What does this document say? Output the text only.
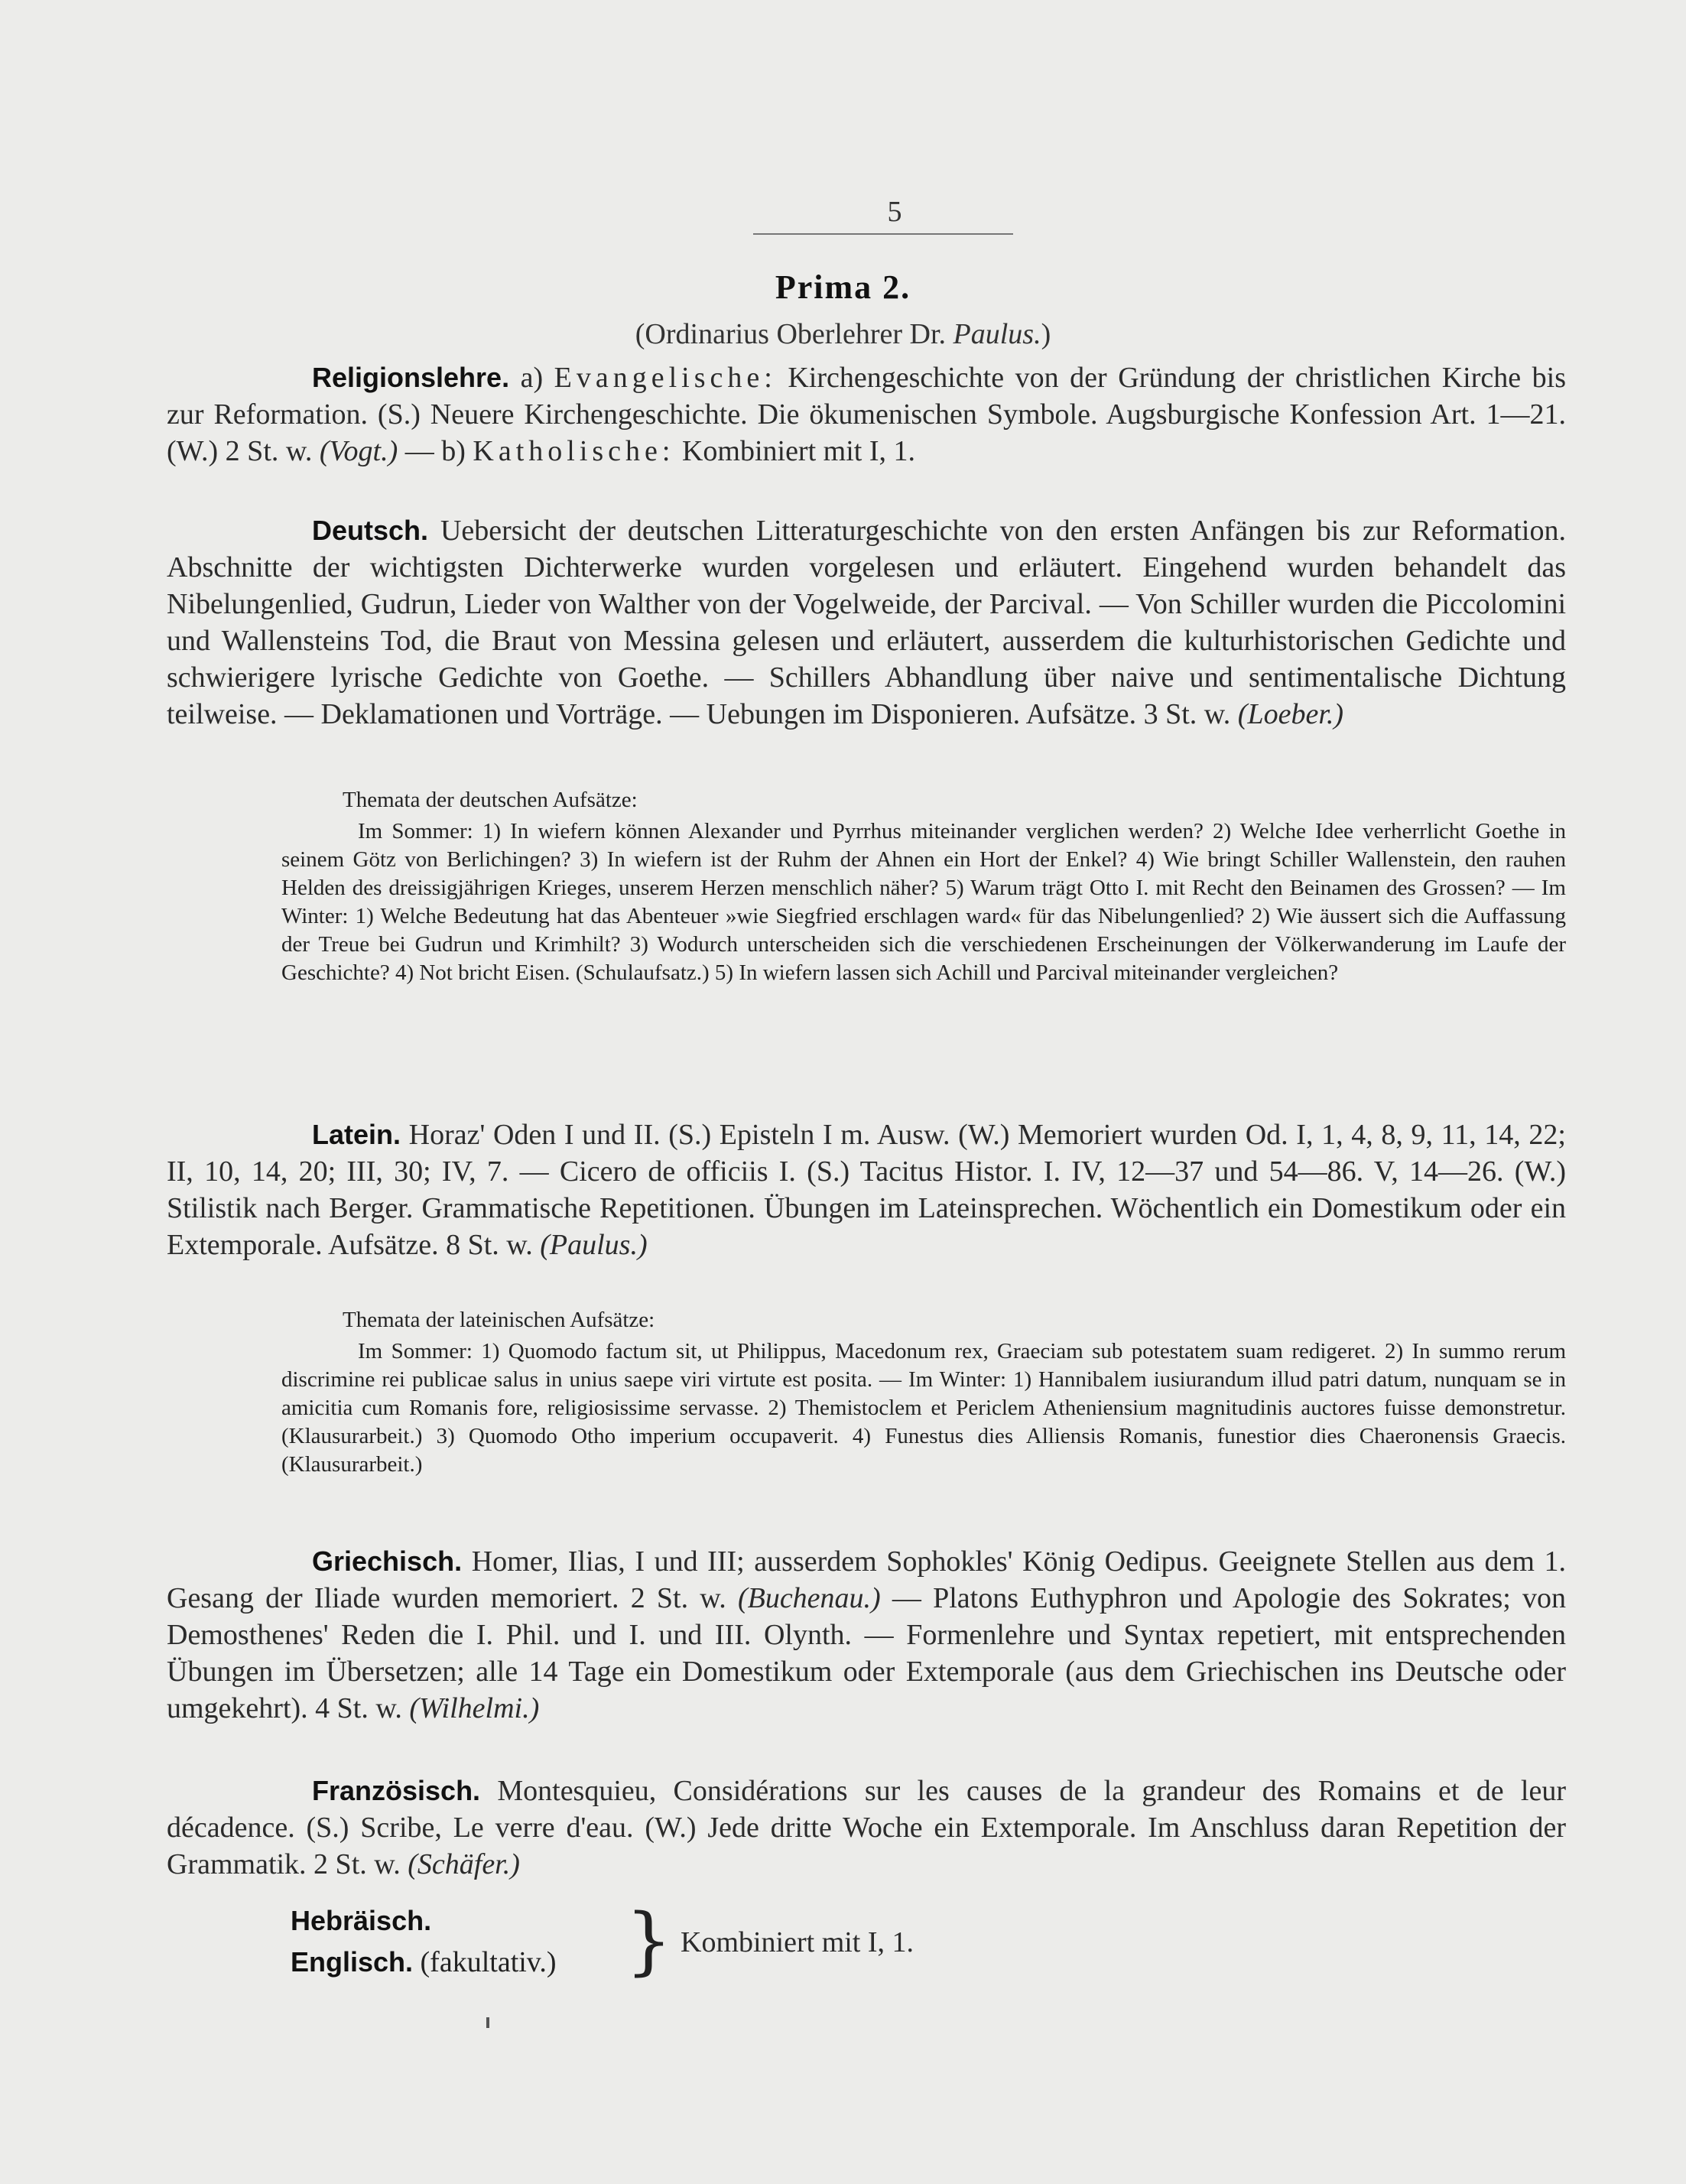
5
Prima 2.
(Ordinarius Oberlehrer Dr. Paulus.)
Religionslehre. a) Evangelische: Kirchengeschichte von der Gründung der christlichen Kirche bis zur Reformation. (S.) Neuere Kirchengeschichte. Die ökumenischen Symbole. Augsburgische Konfession Art. 1—21. (W.) 2 St. w. (Vogt.) — b) Katholische: Kombiniert mit I, 1.
Deutsch. Uebersicht der deutschen Litteraturgeschichte von den ersten Anfängen bis zur Reformation. Abschnitte der wichtigsten Dichterwerke wurden vorgelesen und erläutert. Eingehend wurden behandelt das Nibelungenlied, Gudrun, Lieder von Walther von der Vogelweide, der Parcival. — Von Schiller wurden die Piccolomini und Wallensteins Tod, die Braut von Messina gelesen und erläutert, ausserdem die kulturhistorischen Gedichte und schwierigere lyrische Gedichte von Goethe. — Schillers Abhandlung über naive und sentimentalische Dichtung teilweise. — Deklamationen und Vorträge. — Uebungen im Disponieren. Aufsätze. 3 St. w. (Loeber.)
Themata der deutschen Aufsätze:
Im Sommer: 1) In wiefern können Alexander und Pyrrhus miteinander verglichen werden? 2) Welche Idee verherrlicht Goethe in seinem Götz von Berlichingen? 3) In wiefern ist der Ruhm der Ahnen ein Hort der Enkel? 4) Wie bringt Schiller Wallenstein, den rauhen Helden des dreissigjährigen Krieges, unserem Herzen menschlich näher? 5) Warum trägt Otto I. mit Recht den Beinamen des Grossen? — Im Winter: 1) Welche Bedeutung hat das Abenteuer »wie Siegfried erschlagen ward« für das Nibelungenlied? 2) Wie äussert sich die Auffassung der Treue bei Gudrun und Krimhilt? 3) Wodurch unterscheiden sich die verschiedenen Erscheinungen der Völkerwanderung im Laufe der Geschichte? 4) Not bricht Eisen. (Schulaufsatz.) 5) In wiefern lassen sich Achill und Parcival miteinander vergleichen?
Latein. Horaz' Oden I und II. (S.) Episteln I m. Ausw. (W.) Memoriert wurden Od. I, 1, 4, 8, 9, 11, 14, 22; II, 10, 14, 20; III, 30; IV, 7. — Cicero de officiis I. (S.) Tacitus Histor. I. IV, 12—37 und 54—86. V, 14—26. (W.) Stilistik nach Berger. Grammatische Repetitionen. Übungen im Lateinsprechen. Wöchentlich ein Domestikum oder ein Extemporale. Aufsätze. 8 St. w. (Paulus.)
Themata der lateinischen Aufsätze:
Im Sommer: 1) Quomodo factum sit, ut Philippus, Macedonum rex, Graeciam sub potestatem suam redigeret. 2) In summo rerum discrimine rei publicae salus in unius saepe viri virtute est posita. — Im Winter: 1) Hannibalem iusiurandum illud patri datum, nunquam se in amicitia cum Romanis fore, religiosissime servasse. 2) Themistoclem et Periclem Atheniensium magnitudinis auctores fuisse demonstretur. (Klausurarbeit.) 3) Quomodo Otho imperium occupaverit. 4) Funestus dies Alliensis Romanis, funestior dies Chaeronensis Graecis. (Klausurarbeit.)
Griechisch. Homer, Ilias, I und III; ausserdem Sophokles' König Oedipus. Geeignete Stellen aus dem 1. Gesang der Iliade wurden memoriert. 2 St. w. (Buchenau.) — Platons Euthyphron und Apologie des Sokrates; von Demosthenes' Reden die I. Phil. und I. und III. Olynth. — Formenlehre und Syntax repetiert, mit entsprechenden Übungen im Übersetzen; alle 14 Tage ein Domestikum oder Extemporale (aus dem Griechischen ins Deutsche oder umgekehrt). 4 St. w. (Wilhelmi.)
Französisch. Montesquieu, Considérations sur les causes de la grandeur des Romains et de leur décadence. (S.) Scribe, Le verre d'eau. (W.) Jede dritte Woche ein Extemporale. Im Anschluss daran Repetition der Grammatik. 2 St. w. (Schäfer.)
Hebräisch.
Englisch. (fakultativ.) } Kombiniert mit I, 1.
